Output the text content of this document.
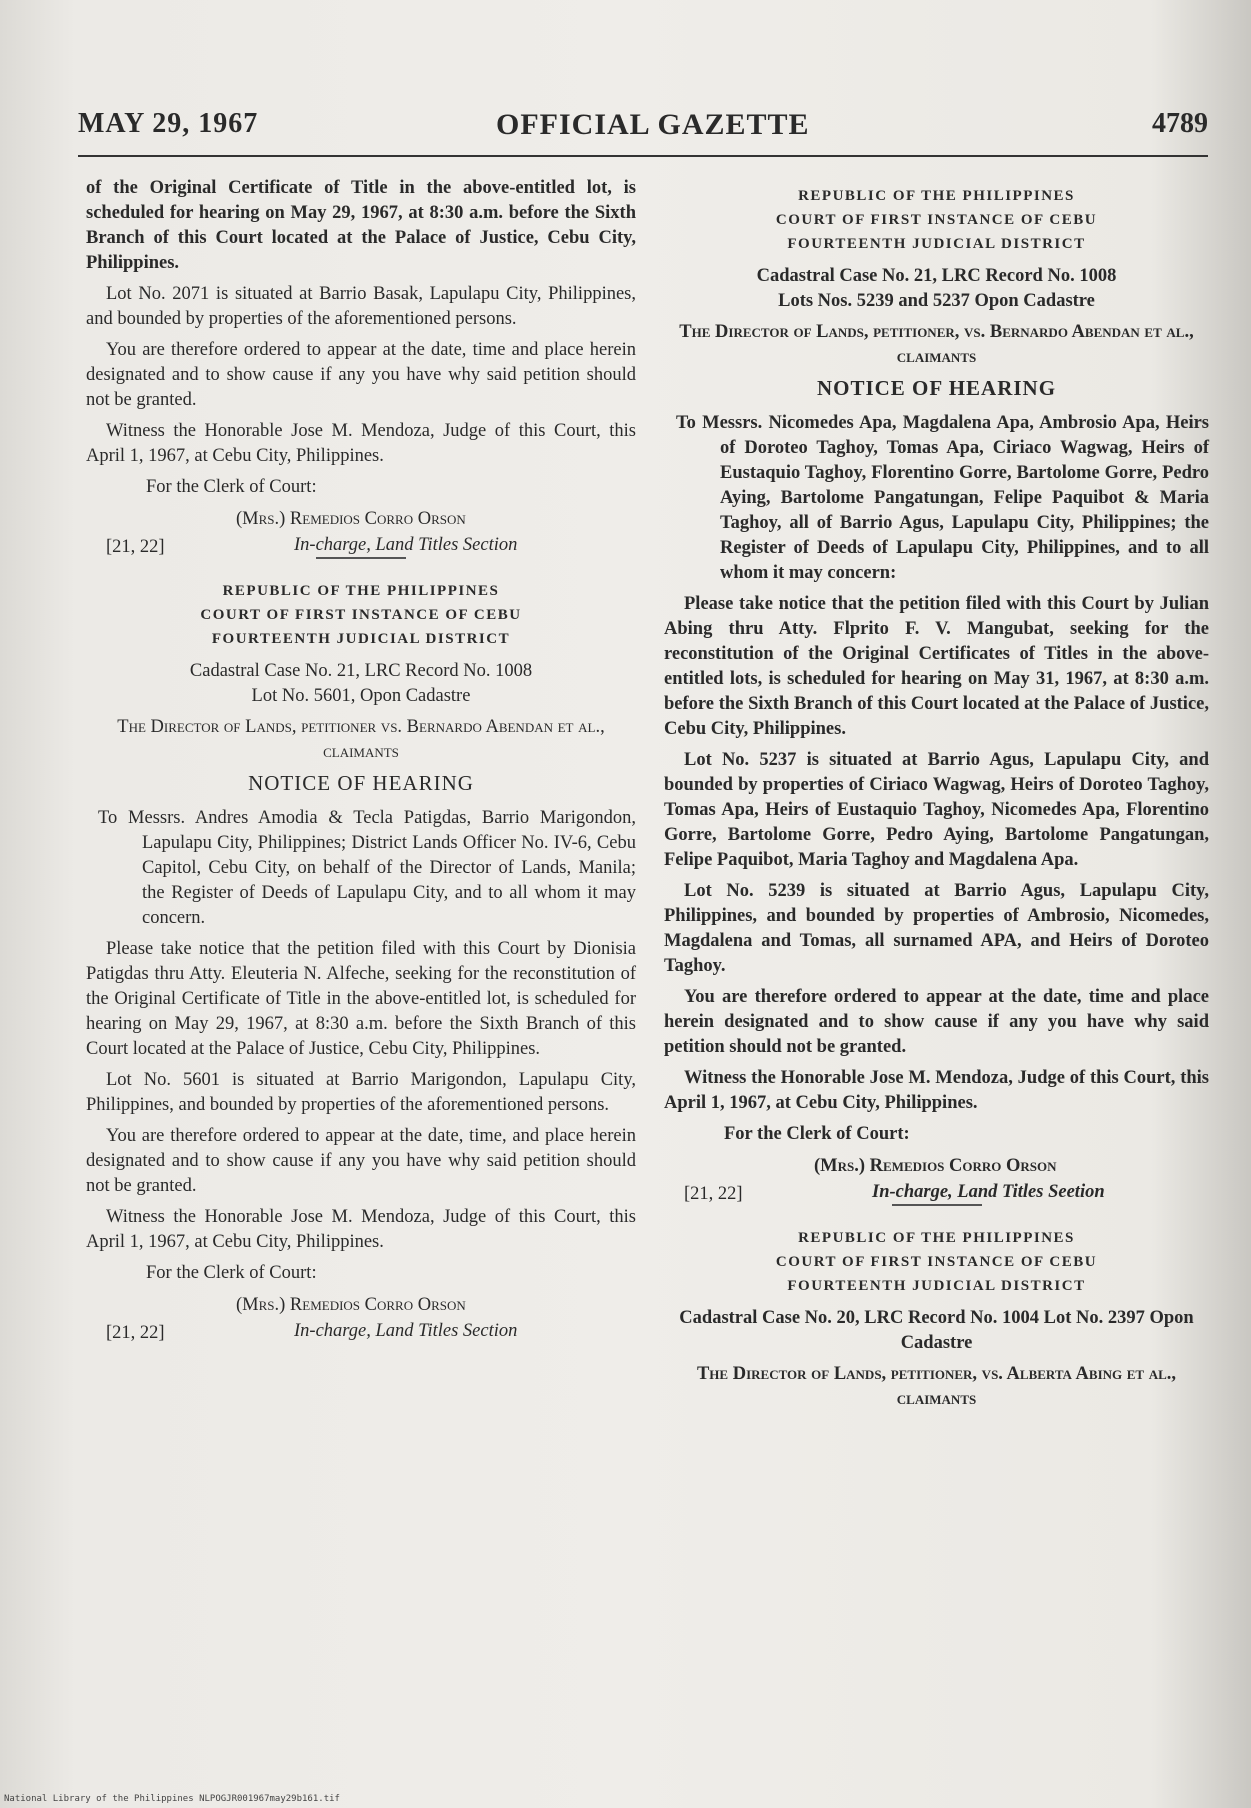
MAY 29, 1967	OFFICIAL GAZETTE	4789

of the Original Certificate of Title in the above-entitled lot, is scheduled for hearing on May 29, 1967, at 8:30 a.m. before the Sixth Branch of this Court located at the Palace of Justice, Cebu City, Philippines.

Lot No. 2071 is situated at Barrio Basak, Lapulapu City, Philippines, and bounded by properties of the aforementioned persons.

You are therefore ordered to appear at the date, time and place herein designated and to show cause if any you have why said petition should not be granted.

Witness the Honorable Jose M. Mendoza, Judge of this Court, this April 1, 1967, at Cebu City, Philippines.

For the Clerk of Court:
(Mrs.) Remedios Corro Orson
[21, 22]	In-charge, Land Titles Section
REPUBLIC OF THE PHILIPPINES
COURT OF FIRST INSTANCE OF CEBU
FOURTEENTH JUDICIAL DISTRICT

Cadastral Case No. 21, LRC Record No. 1008

Lot No. 5601, Opon Cadastre

The Director of Lands, petitioner vs. Bernardo Abendan et al., claimants

NOTICE OF HEARING

To Messrs. Andres Amodia & Tecla Patigdas, Barrio Marigondon, Lapulapu City, Philippines; District Lands Officer No. IV-6, Cebu Capitol, Cebu City, on behalf of the Director of Lands, Manila; the Register of Deeds of Lapulapu City, and to all whom it may concern.

Please take notice that the petition filed with this Court by Dionisia Patigdas thru Atty. Eleuteria N. Alfeche, seeking for the reconstitution of the Original Certificate of Title in the above-entitled lot, is scheduled for hearing on May 29, 1967, at 8:30 a.m. before the Sixth Branch of this Court located at the Palace of Justice, Cebu City, Philippines.

Lot No. 5601 is situated at Barrio Marigondon, Lapulapu City, Philippines, and bounded by properties of the aforementioned persons.

You are therefore ordered to appear at the date, time, and place herein designated and to show cause if any you have why said petition should not be granted.

Witness the Honorable Jose M. Mendoza, Judge of this Court, this April 1, 1967, at Cebu City, Philippines.

For the Clerk of Court:
(Mrs.) Remedios Corro Orson
[21, 22]	In-charge, Land Titles Section
REPUBLIC OF THE PHILIPPINES
COURT OF FIRST INSTANCE OF CEBU
FOURTEENTH JUDICIAL DISTRICT

Cadastral Case No. 21, LRC Record No. 1008

Lots Nos. 5239 and 5237 Opon Cadastre

The Director of Lands, petitioner, vs. Bernardo Abendan et al., claimants

NOTICE OF HEARING

To Messrs. Nicomedes Apa, Magdalena Apa, Ambrosio Apa, Heirs of Doroteo Taghoy, Tomas Apa, Ciriaco Wagwag, Heirs of Eustaquio Taghoy, Florentino Gorre, Bartolome Gorre, Pedro Aying, Bartolome Pangatungan, Felipe Paquibot & Maria Taghoy, all of Barrio Agus, Lapulapu City, Philippines; the Register of Deeds of Lapulapu City, Philippines, and to all whom it may concern:

Please take notice that the petition filed with this Court by Julian Abing thru Atty. Flprito F. V. Mangubat, seeking for the reconstitution of the Original Certificates of Titles in the above-entitled lots, is scheduled for hearing on May 31, 1967, at 8:30 a.m. before the Sixth Branch of this Court located at the Palace of Justice, Cebu City, Philippines.

Lot No. 5237 is situated at Barrio Agus, Lapulapu City, and bounded by properties of Ciriaco Wagwag, Heirs of Doroteo Taghoy, Tomas Apa, Heirs of Eustaquio Taghoy, Nicomedes Apa, Florentino Gorre, Bartolome Gorre, Pedro Aying, Bartolome Pangatungan, Felipe Paquibot, Maria Taghoy and Magdalena Apa.

Lot No. 5239 is situated at Barrio Agus, Lapulapu City, Philippines, and bounded by properties of Ambrosio, Nicomedes, Magdalena and Tomas, all surnamed APA, and Heirs of Doroteo Taghoy.

You are therefore ordered to appear at the date, time and place herein designated and to show cause if any you have why said petition should not be granted.

Witness the Honorable Jose M. Mendoza, Judge of this Court, this April 1, 1967, at Cebu City, Philippines.

For the Clerk of Court:
(Mrs.) Remedios Corro Orson
[21, 22]	In-charge, Land Titles Seetion
REPUBLIC OF THE PHILIPPINES
COURT OF FIRST INSTANCE OF CEBU
FOURTEENTH JUDICIAL DISTRICT

Cadastral Case No. 20, LRC Record No. 1004 Lot No. 2397 Opon Cadastre

The Director of Lands, petitioner, vs. Alberta Abing et al., claimants

National Library of the Philippines NLPOGJR001967may29b161.tif
